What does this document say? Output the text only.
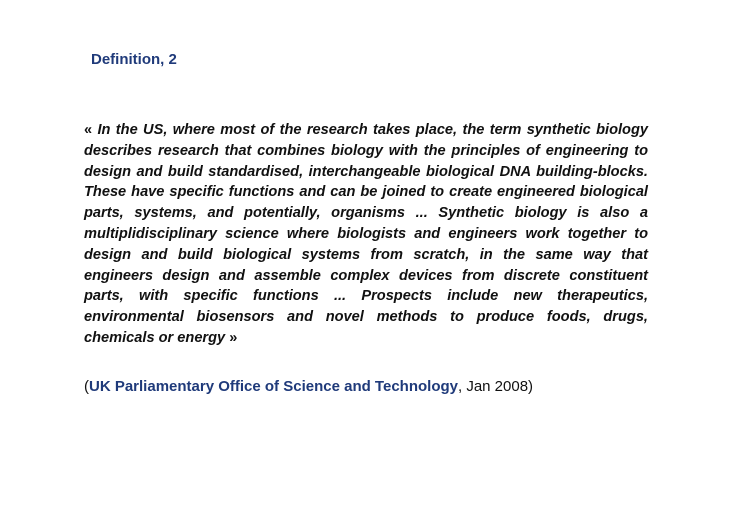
Definition, 2
« In the US, where most of the research takes place, the term synthetic biology describes research that combines biology with the principles of engineering to design and build standardised, interchangeable biological DNA building-blocks. These have specific functions and can be joined to create engineered biological parts, systems, and potentially, organisms ... Synthetic biology is also a multiplidisciplinary science where biologists and engineers work together to design and build biological systems from scratch, in the same way that engineers design and assemble complex devices from discrete constituent parts, with specific functions ... Prospects include new therapeutics, environmental biosensors and novel methods to produce foods, drugs, chemicals or energy »
(UK Parliamentary Office of Science and Technology, Jan 2008)
